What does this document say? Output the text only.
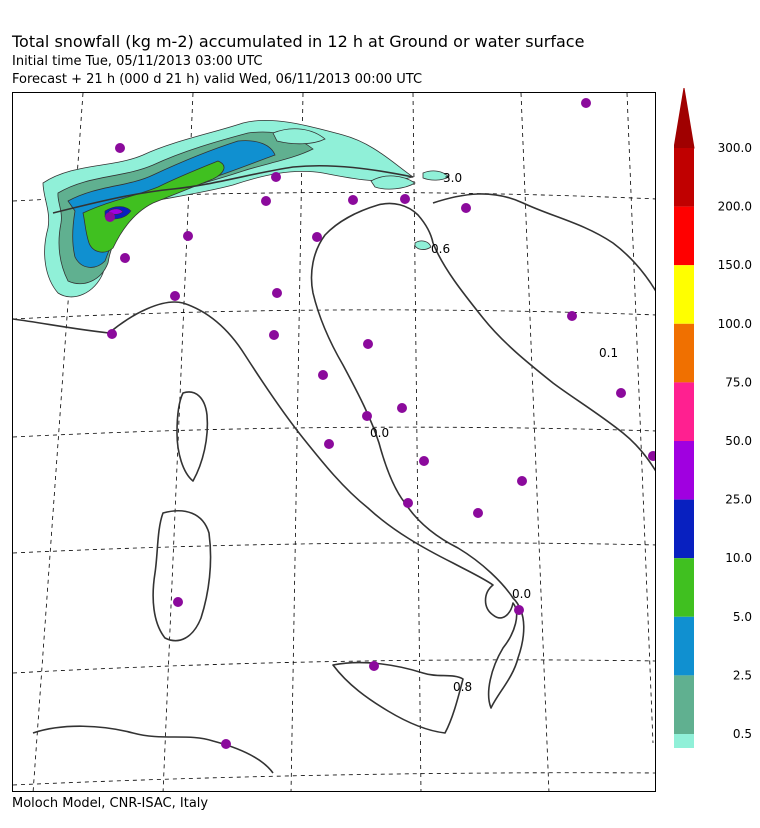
Total snowfall (kg m-2) accumulated in 12 h at Ground or water surface
Initial time Tue, 05/11/2013 03:00 UTC
Forecast + 21 h (000 d 21 h) valid Wed, 06/11/2013 00:00 UTC
3.0
0.6
0.1
0.0
0.0
0.8
300.0
200.0
150.0
100.0
75.0
50.0
25.0
10.0
5.0
2.5
0.5
Moloch Model, CNR-ISAC, Italy
